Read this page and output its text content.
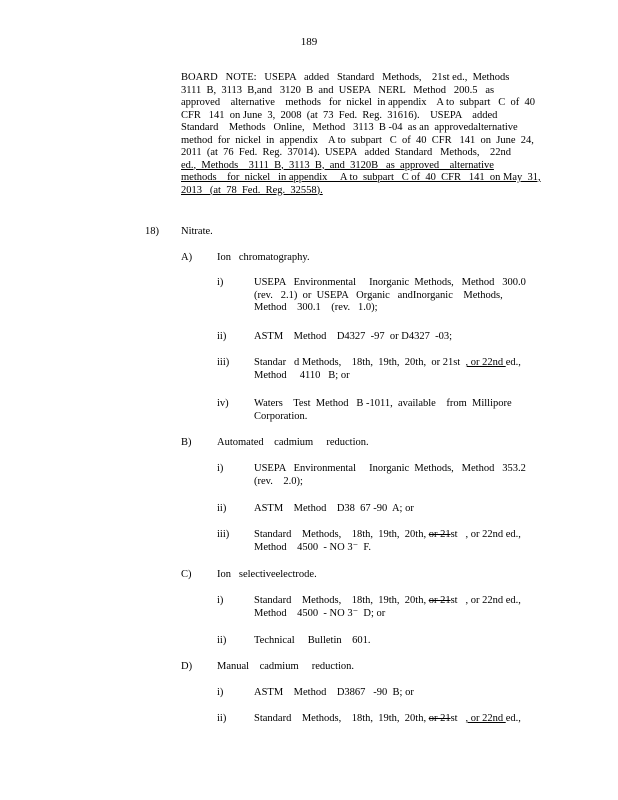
189
BOARD   NOTE:   USEPA   added   Standard   Methods,    21st ed.,  Methods
3111  B,  3113  B,and   3120  B  and  USEPA   NERL   Method   200.5   as
approved    alternative    methods   for  nickel  in appendix    A to  subpart   C  of  40
CFR   141  on June  3,  2008  (at  73  Fed.  Reg.  31616).    USEPA    added
Standard    Methods   Online,   Method   3113  B -04  as an  approvedalternative
method  for  nickel  in  appendix    A to  subpart   C  of  40  CFR   141  on  June  24,
2011  (at  76  Fed.  Reg.  37014).  USEPA   added  Standard   Methods,    22nd
ed.,  Methods    3111  B,  3113  B,  and  3120B   as  approved    alternative
methods    for  nickel   in appendix     A to  subpart   C of  40  CFR   141  on May  31,
2013   (at  78  Fed.  Reg.  32558).
18) Nitrate.
A) Ion   chromatography.
i)	USEPA   Environmental     Inorganic  Methods,   Method   300.0
(rev.   2.1)  or  USEPA   Organic   andInorganic    Methods,
Method    300.1    (rev.   1.0);
ii)	ASTM    Method    D4327  -97  or D4327  -03;
iii) Standar   d Methods,    18th,  19th,  20th,  or 21st  , or 22nd ed.,
Method     4110   B; or
iv) Waters    Test  Method   B -1011,  available    from  Millipore
Corporation.
B) Automated    cadmium     reduction.
i)	USEPA   Environmental     Inorganic  Methods,   Method   353.2
(rev.    2.0);
ii)	ASTM    Method    D38  67 -90  A; or
iii) Standard    Methods,    18th,  19th,  20th, or 21st   , or 22nd ed.,
Method    4500  - NO 3⁻  F.
C) Ion   selectiveelectrode.
i)	Standard    Methods,    18th,  19th,  20th, or 21st   , or 22nd ed.,
Method    4500  - NO 3⁻  D; or
ii)	Technical     Bulletin    601.
D) Manual    cadmium     reduction.
i)	ASTM    Method    D3867   -90  B; or
ii)	Standard    Methods,    18th,  19th,  20th, or 21st   , or 22nd ed.,
